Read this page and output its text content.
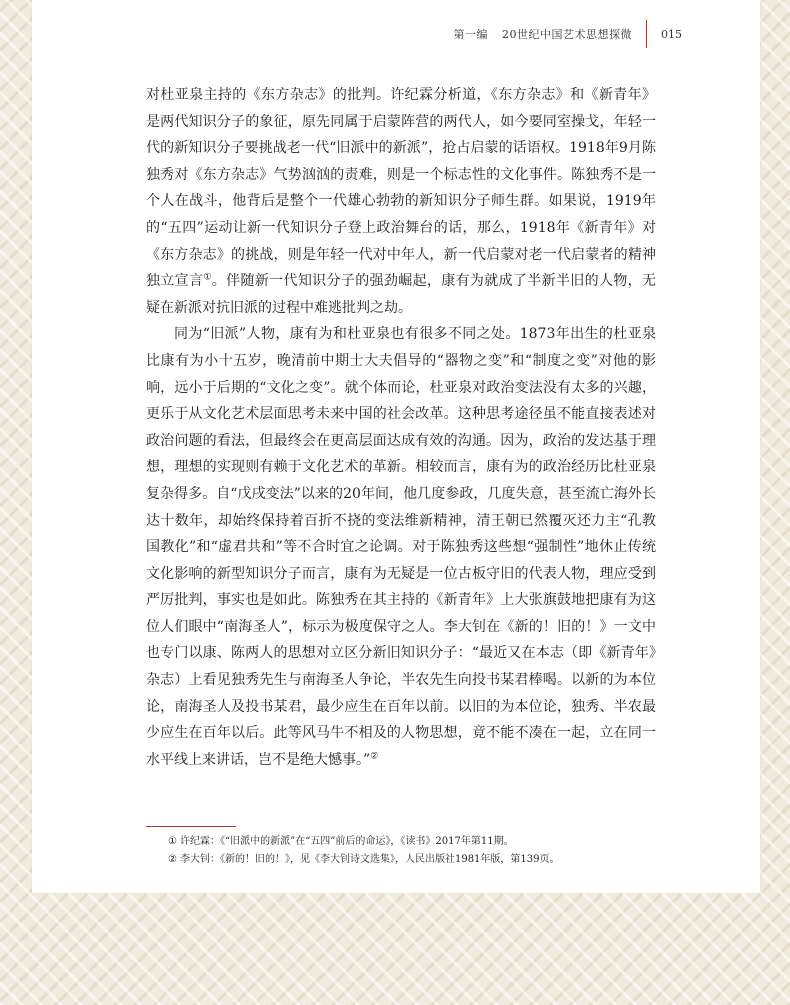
第一编 20世纪中国艺术思想探微	015

对杜亚泉主持的《东方杂志》的批判。许纪霖分析道，《东方杂志》和《新青年》是两代知识分子的象征，原先同属于启蒙阵营的两代人，如今要同室操戈，年轻一代的新知识分子要挑战老一代“旧派中的新派”，抢占启蒙的话语权。1918年9月陈独秀对《东方杂志》气势汹汹的责难，则是一个标志性的文化事件。陈独秀不是一个人在战斗，他背后是整个一代雄心勃勃的新知识分子师生群。如果说，1919年的“五四”运动让新一代知识分子登上政治舞台的话，那么，1918年《新青年》对《东方杂志》的挑战，则是年轻一代对中年人，新一代启蒙对老一代启蒙者的精神独立宣言①。伴随新一代知识分子的强劲崛起，康有为就成了半新半旧的人物，无疑在新派对抗旧派的过程中难逃批判之劫。

同为“旧派”人物，康有为和杜亚泉也有很多不同之处。1873年出生的杜亚泉比康有为小十五岁，晚清前中期士大夫倡导的“器物之变”和“制度之变”对他的影响，远小于后期的“文化之变”。就个体而论，杜亚泉对政治变法没有太多的兴趣，更乐于从文化艺术层面思考未来中国的社会改革。这种思考途径虽不能直接表述对政治问题的看法，但最终会在更高层面达成有效的沟通。因为，政治的发达基于理想，理想的实现则有赖于文化艺术的革新。相较而言，康有为的政治经历比杜亚泉复杂得多。自“戊戌变法”以来的20年间，他几度参政，几度失意，甚至流亡海外长达十数年，却始终保持着百折不挠的变法维新精神，清王朝已然覆灭还力主“孔教国教化”和“虚君共和”等不合时宜之论调。对于陈独秀这些想“强制性”地休止传统文化影响的新型知识分子而言，康有为无疑是一位古板守旧的代表人物，理应受到严厉批判，事实也是如此。陈独秀在其主持的《新青年》上大张旗鼓地把康有为这位人们眼中“南海圣人”，标示为极度保守之人。李大钊在《新的！旧的！》一文中也专门以康、陈两人的思想对立区分新旧知识分子：“最近又在本志（即《新青年》杂志）上看见独秀先生与南海圣人争论，半农先生向投书某君棒喝。以新的为本位论，南海圣人及投书某君，最少应生在百年以前。以旧的为本位论，独秀、半农最少应生在百年以后。此等风马牛不相及的人物思想，竟不能不凑在一起，立在同一水平线上来讲话，岂不是绝大憾事。”②

① 许纪霖：《“旧派中的新派”在“五四”前后的命运》，《读书》2017年第11期。
② 李大钊：《新的！旧的！》，见《李大钊诗文选集》，人民出版社1981年版，第139页。
